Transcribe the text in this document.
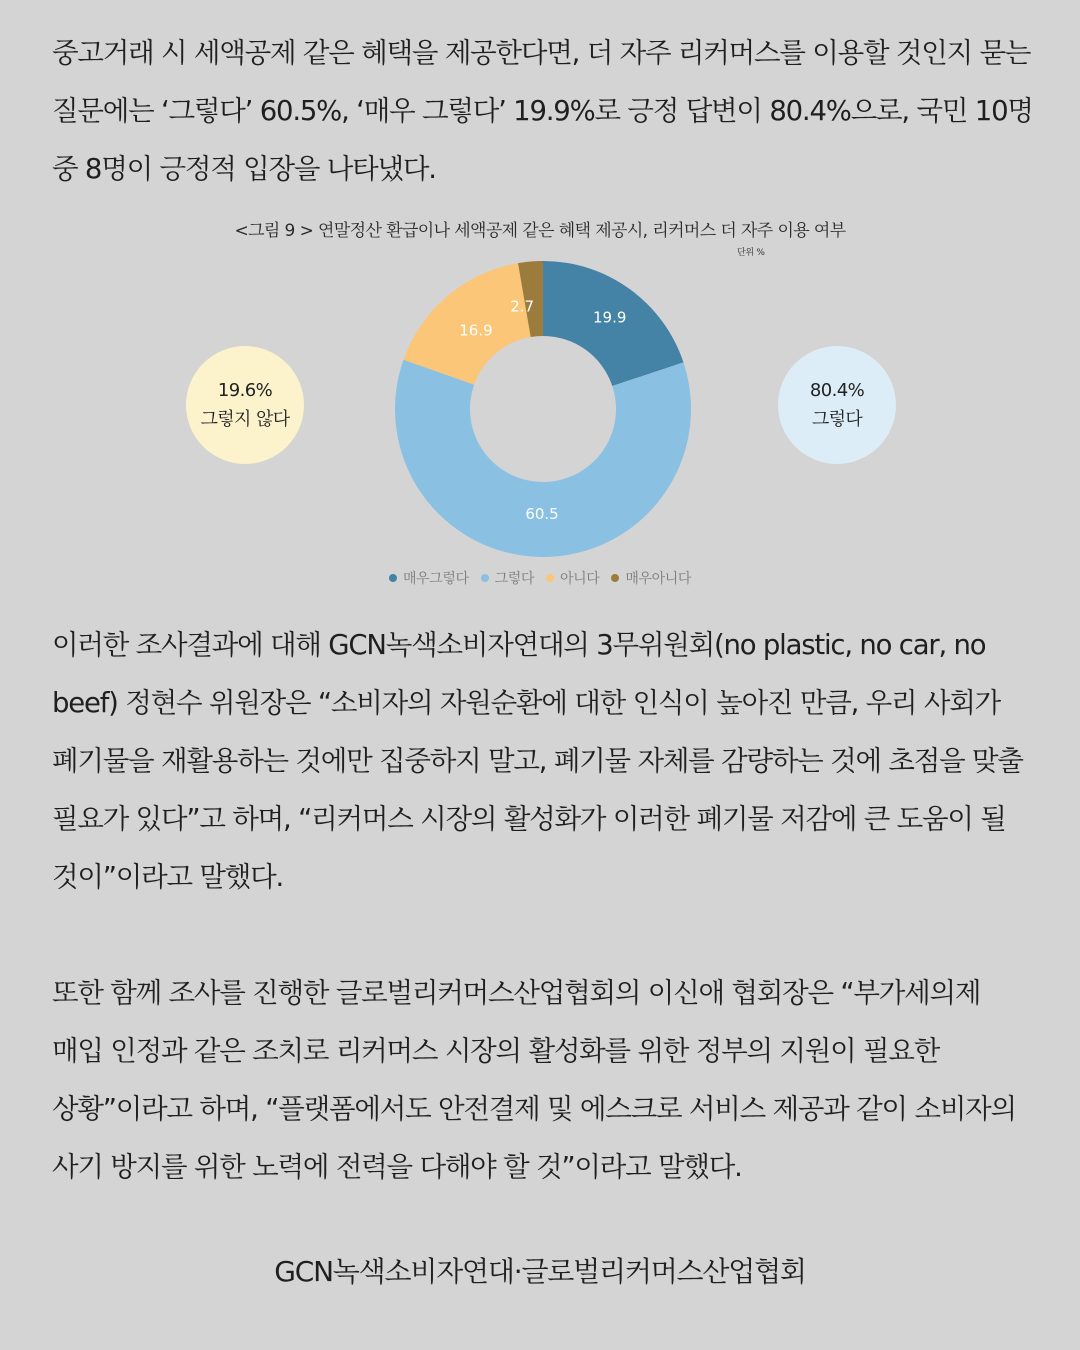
중고거래 시 세액공제 같은 혜택을 제공한다면, 더 자주 리커머스를 이용할 것인지 묻는 질문에는 ‘그렇다’ 60.5%, ‘매우 그렇다’ 19.9%로 긍정 답변이 80.4%으로, 국민 10명 중 8명이 긍정적 입장을 나타냈다.

<그림 9 > 연말정산 환급이나 세액공제 같은 혜택 제공시, 리커머스 더 자주 이용 여부
단위 %
19.6%
그렇지 않다
80.4%
그렇다
19.9
60.5
16.9
2.7
매우그렇다 그렇다 아니다 매우아니다

이러한 조사결과에 대해 GCN녹색소비자연대의 3무위원회(no plastic, no car, no beef) 정현수 위원장은 “소비자의 자원순환에 대한 인식이 높아진 만큼, 우리 사회가 폐기물을 재활용하는 것에만 집중하지 말고, 폐기물 자체를 감량하는 것에 초점을 맞출 필요가 있다”고 하며, “리커머스 시장의 활성화가 이러한 폐기물 저감에 큰 도움이 될 것이”이라고 말했다.

또한 함께 조사를 진행한 글로벌리커머스산업협회의 이신애 협회장은 “부가세의제 매입 인정과 같은 조치로 리커머스 시장의 활성화를 위한 정부의 지원이 필요한 상황”이라고 하며, “플랫폼에서도 안전결제 및 에스크로 서비스 제공과 같이 소비자의 사기 방지를 위한 노력에 전력을 다해야 할 것”이라고 말했다.

GCN녹색소비자연대·글로벌리커머스산업협회
